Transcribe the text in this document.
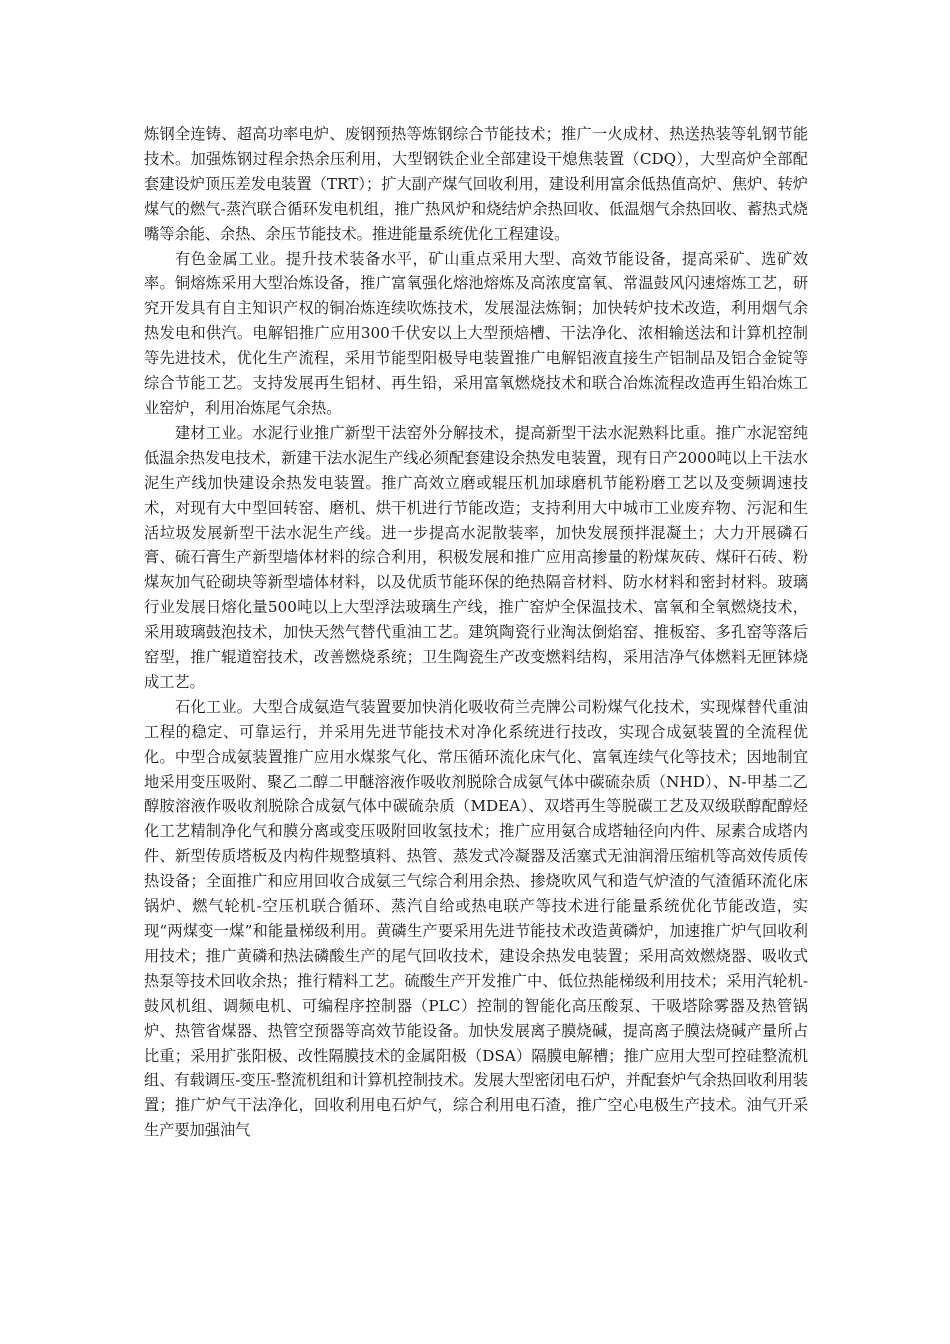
炼钢全连铸、超高功率电炉、废钢预热等炼钢综合节能技术；推广一火成材、热送热装等轧钢节能技术。加强炼钢过程余热余压利用，大型钢铁企业全部建设干熄焦装置（CDQ），大型高炉全部配套建设炉顶压差发电装置（TRT）；扩大副产煤气回收利用，建设利用富余低热值高炉、焦炉、转炉煤气的燃气-蒸汽联合循环发电机组，推广热风炉和烧结炉余热回收、低温烟气余热回收、蓄热式烧嘴等余能、余热、余压节能技术。推进能量系统优化工程建设。

有色金属工业。提升技术装备水平，矿山重点采用大型、高效节能设备，提高采矿、选矿效率。铜熔炼采用大型冶炼设备，推广富氧强化熔池熔炼及高浓度富氧、常温鼓风闪速熔炼工艺，研究开发具有自主知识产权的铜冶炼连续吹炼技术，发展湿法炼铜；加快转炉技术改造，利用烟气余热发电和供汽。电解铝推广应用300千伏安以上大型预焙槽、干法净化、浓相输送法和计算机控制等先进技术，优化生产流程，采用节能型阳极导电装置推广电解铝液直接生产铝制品及铝合金锭等综合节能工艺。支持发展再生铝材、再生铅，采用富氧燃烧技术和联合冶炼流程改造再生铅冶炼工业窑炉，利用冶炼尾气余热。

建材工业。水泥行业推广新型干法窑外分解技术，提高新型干法水泥熟料比重。推广水泥窑纯低温余热发电技术，新建干法水泥生产线必须配套建设余热发电装置，现有日产2000吨以上干法水泥生产线加快建设余热发电装置。推广高效立磨或辊压机加球磨机节能粉磨工艺以及变频调速技术，对现有大中型回转窑、磨机、烘干机进行节能改造；支持利用大中城市工业废弃物、污泥和生活垃圾发展新型干法水泥生产线。进一步提高水泥散装率，加快发展预拌混凝土；大力开展磷石膏、硫石膏生产新型墙体材料的综合利用，积极发展和推广应用高掺量的粉煤灰砖、煤矸石砖、粉煤灰加气砼砌块等新型墙体材料，以及优质节能环保的绝热隔音材料、防水材料和密封材料。玻璃行业发展日熔化量500吨以上大型浮法玻璃生产线，推广窑炉全保温技术、富氧和全氧燃烧技术，采用玻璃鼓泡技术，加快天然气替代重油工艺。建筑陶瓷行业淘汰倒焰窑、推板窑、多孔窑等落后窑型，推广辊道窑技术，改善燃烧系统；卫生陶瓷生产改变燃料结构，采用洁净气体燃料无匣钵烧成工艺。

石化工业。大型合成氨造气装置要加快消化吸收荷兰壳牌公司粉煤气化技术，实现煤替代重油工程的稳定、可靠运行，并采用先进节能技术对净化系统进行技改，实现合成氨装置的全流程优化。中型合成氨装置推广应用水煤浆气化、常压循环流化床气化、富氧连续气化等技术；因地制宜地采用变压吸附、聚乙二醇二甲醚溶液作吸收剂脱除合成氨气体中碳硫杂质（NHD）、N-甲基二乙醇胺溶液作吸收剂脱除合成氨气体中碳硫杂质（MDEA）、双塔再生等脱碳工艺及双级联醇配醇烃化工艺精制净化气和膜分离或变压吸附回收氢技术；推广应用氨合成塔轴径向内件、尿素合成塔内件、新型传质塔板及内构件规整填料、热管、蒸发式冷凝器及活塞式无油润滑压缩机等高效传质传热设备；全面推广和应用回收合成氨三气综合利用余热、掺烧吹风气和造气炉渣的气渣循环流化床锅炉、燃气轮机-空压机联合循环、蒸汽自给或热电联产等技术进行能量系统优化节能改造，实现“两煤变一煤”和能量梯级利用。黄磷生产要采用先进节能技术改造黄磷炉，加速推广炉气回收利用技术；推广黄磷和热法磷酸生产的尾气回收技术，建设余热发电装置；采用高效燃烧器、吸收式热泵等技术回收余热；推行精料工艺。硫酸生产开发推广中、低位热能梯级利用技术；采用汽轮机-鼓风机组、调频电机、可编程序控制器（PLC）控制的智能化高压酸泵、干吸塔除雾器及热管锅炉、热管省煤器、热管空预器等高效节能设备。加快发展离子膜烧碱，提高离子膜法烧碱产量所占比重；采用扩张阳极、改性隔膜技术的金属阳极（DSA）隔膜电解槽；推广应用大型可控硅整流机组、有载调压-变压-整流机组和计算机控制技术。发展大型密闭电石炉，并配套炉气余热回收利用装置；推广炉气干法净化，回收利用电石炉气，综合利用电石渣，推广空心电极生产技术。油气开采生产要加强油气
